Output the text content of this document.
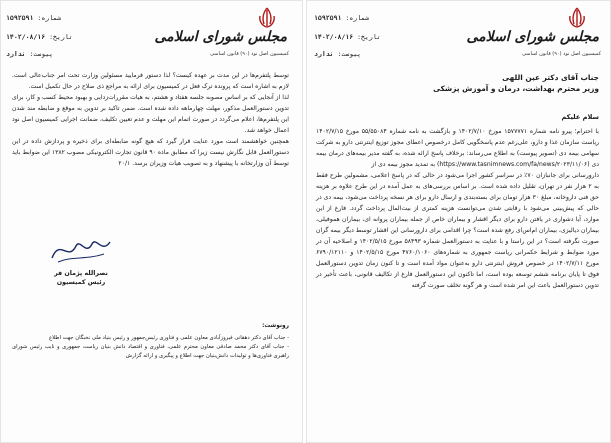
مجلس شورای اسلامی
کمیسیون اصل نود (۹۰) قانون اساسی
شماره:۱۵۹۲۵۹۱
تاریخ:۱۴۰۲/۰۸/۱۶
پیوست:ندارد
جناب آقای دکتر عین اللهی
وزیر محترم بهداشت، درمان و آموزش پزشکی
سلام علیکم

با احترام؛ پیرو نامه شماره ۱۵۷۷۷۷۱ مورخ ۱۴۰۲/۷/۱۰ و بازگشت به نامه شماره ۵۵/۵۵۰۸۴ مورخ ۱۴۰۲/۷/۱۵ ریاست سازمان غذا و دارو، علی‌رغم عدم پاسخگویی کامل درخصوص اعطای مجوز توزیع اینترنتی دارو به شرکت سهامی بیمه دی (تصویر پیوست) به اطلاع می‌رساند: برخلاف پاسخ ارائه شده، به گفته مدیر بیمه‌های درمان بیمه دی (https://www.tasnimnews.com/fa/news/۲۰۲۳/۱۱/۰۶) به تمدید مجوز بیمه دی از

دارورسانی برای جانبازان ۷۰٪ در سراسر کشور اجرا می‌شود در حالی که در پاسخ اعلامی، مشمولین طرح فقط به ۲ هزار نفر در تهران، تقلیل داده شده است. بر اساس بررسی‌های به عمل آمده در این طرح علاوه بر هزینه حق فنی داروخانه، مبلغ ۳۰ هزار تومان برای بسته‌بندی و ارسال دارو برای هر نسخه پرداخت می‌شود، بیمه دی در حالی که پیش‌بینی می‌شود با رقابتی شدن می‌توانست هزینه کمتری از بیت‌المال پرداخت گردد. فارغ از این موارد، آیا دشواری در یافتن دارو برای دیگر اقشار و بیماران خاص از جمله بیماران پروانه ای، بیماران هموفیلی، بیماران دیالیزی، بیماران ام‌اس‌ای رفع شده است؟ چرا اقدامی برای دارورسانی این اقشار توسط دیگر بیمه گران صورت نگرفته است؟ در این راستا و با عنایت به دستورالعمل شماره ۵۸۴۹۳ مورخ ۱۴۰۲/۵/۱۵ و اصلاحیه آن در مورد ضوابط و شرایط حکمرانی ریاست جمهوری به شماره‌های ۴۷۶۰/۱۰۶۰ مورخ ۱۴۰۲/۵/۱۵ و ۶۷۹۰/۱۲۱۱۰ مورخ ۱۴۰۲/۷/۱۱ در خصوص فروش اینترنتی دارو به‌عنوان مواد آمده است و تا کنون زمان تدوین دستورالعمل فوق تا پایان برنامه ششم توسعه بوده است، اما تاکنون این دستورالعمل فارغ از تکالیف قانونی، باعث تأخیر در تدوین دستورالعمل باعث این امر شده است و هر گونه تخلف صورت گرفته

مجلس شورای اسلامی
کمیسیون اصل نود (۹۰) قانون اساسی
شماره:۱۵۹۲۵۹۱
تاریخ:۱۴۰۲/۰۸/۱۶
پیوست:ندارد

توسط پلتفرم‌ها در این مدت بر عهده کیست؟ لذا دستور فرمایید مسئولین وزارت تحت امر جناب‌عالی است. لازم به اشاره است که پرونده ترک فعل در کمیسیون برای ارائه به مراجع ذی صلاح در حال تکمیل است.

لذا از آنجایی که بر اساس مصوبه جلسه هفتاد و هشتم، به هیات مقررات‌زدایی و بهبود محیط کسب و کار، برای تدوین دستورالعمل مذکور، مهلت چهارماهه داده شده است. ضمن تاکید بر تدوین به موقع و ضابطه مند شدن این پلتفرم‌ها، اعلام می‌گردد در صورت اتمام این مهلت و عدم تعیین تکلیف، ضمانت اجرایی کمیسیون اصل نود اعمال خواهد شد.

همچنین خواهشمند است مورد عنایت قرار گیرد که هیچ گونه ضابطه‌ای برای ذخیره و پردازش داده در این دستورالعمل قابل نگارش نیست زیرا که مطابق ماده ۹۰ قانون تجارت الکترونیکی مصوب ۱۳۸۲ این ضوابط باید توسط آن وزارتخانه با پیشنهاد و به تصویب هیات وزیران برسد. ۲۰/۱

نصرالله پژمان فر
رئیس کمیسیون
رونوشت:

- جناب آقای دکتر دهقانی فیروزآبادی معاون علمی و فناوری رئیس‌جمهور و رئیس بنیاد ملی نخبگان جهت اطلاع

- جناب آقای دکتر محمد صادقی معاون محترم علمی، فناوری و اقتصاد دانش بنیان ریاست جمهوری و نایب رئیس شورای راهبری فناوری‌ها و تولیدات دانش‌بنیان جهت اطلاع و پیگیری و ارائه گزارش
